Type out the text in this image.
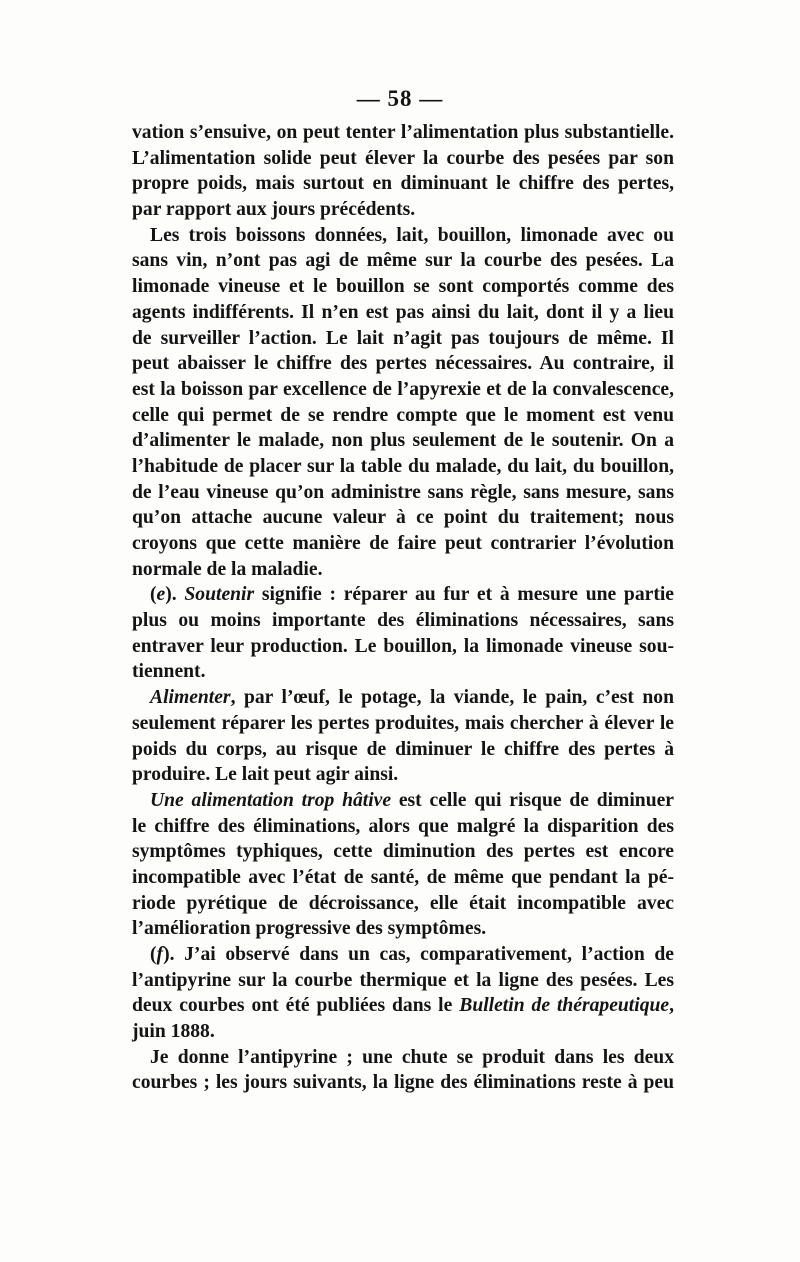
— 58 —

vation s’ensuive, on peut tenter l’alimentation plus substantielle.
L’alimentation solide peut élever la courbe des pesées par son
propre poids, mais surtout en diminuant le chiffre des pertes,
par rapport aux jours précédents.
Les trois boissons données, lait, bouillon, limonade avec ou
sans vin, n’ont pas agi de même sur la courbe des pesées. La
limonade vineuse et le bouillon se sont comportés comme des
agents indifférents. Il n’en est pas ainsi du lait, dont il y a lieu
de surveiller l’action. Le lait n’agit pas toujours de même. Il
peut abaisser le chiffre des pertes nécessaires. Au contraire, il
est la boisson par excellence de l’apyrexie et de la convalescence,
celle qui permet de se rendre compte que le moment est venu
d’alimenter le malade, non plus seulement de le soutenir. On a
l’habitude de placer sur la table du malade, du lait, du bouillon,
de l’eau vineuse qu’on administre sans règle, sans mesure, sans
qu’on attache aucune valeur à ce point du traitement; nous
croyons que cette manière de faire peut contrarier l’évolution
normale de la maladie.
(e). Soutenir signifie : réparer au fur et à mesure une partie
plus ou moins importante des éliminations nécessaires, sans
entraver leur production. Le bouillon, la limonade vineuse sou-
tiennent.
Alimenter, par l’œuf, le potage, la viande, le pain, c’est non
seulement réparer les pertes produites, mais chercher à élever le
poids du corps, au risque de diminuer le chiffre des pertes à
produire. Le lait peut agir ainsi.
Une alimentation trop hâtive est celle qui risque de diminuer
le chiffre des éliminations, alors que malgré la disparition des
symptômes typhiques, cette diminution des pertes est encore
incompatible avec l’état de santé, de même que pendant la pé-
riode pyrétique de décroissance, elle était incompatible avec
l’amélioration progressive des symptômes.
(f). J’ai observé dans un cas, comparativement, l’action de
l’antipyrine sur la courbe thermique et la ligne des pesées. Les
deux courbes ont été publiées dans le Bulletin de thérapeutique,
juin 1888.
Je donne l’antipyrine ; une chute se produit dans les deux
courbes ; les jours suivants, la ligne des éliminations reste à peu
